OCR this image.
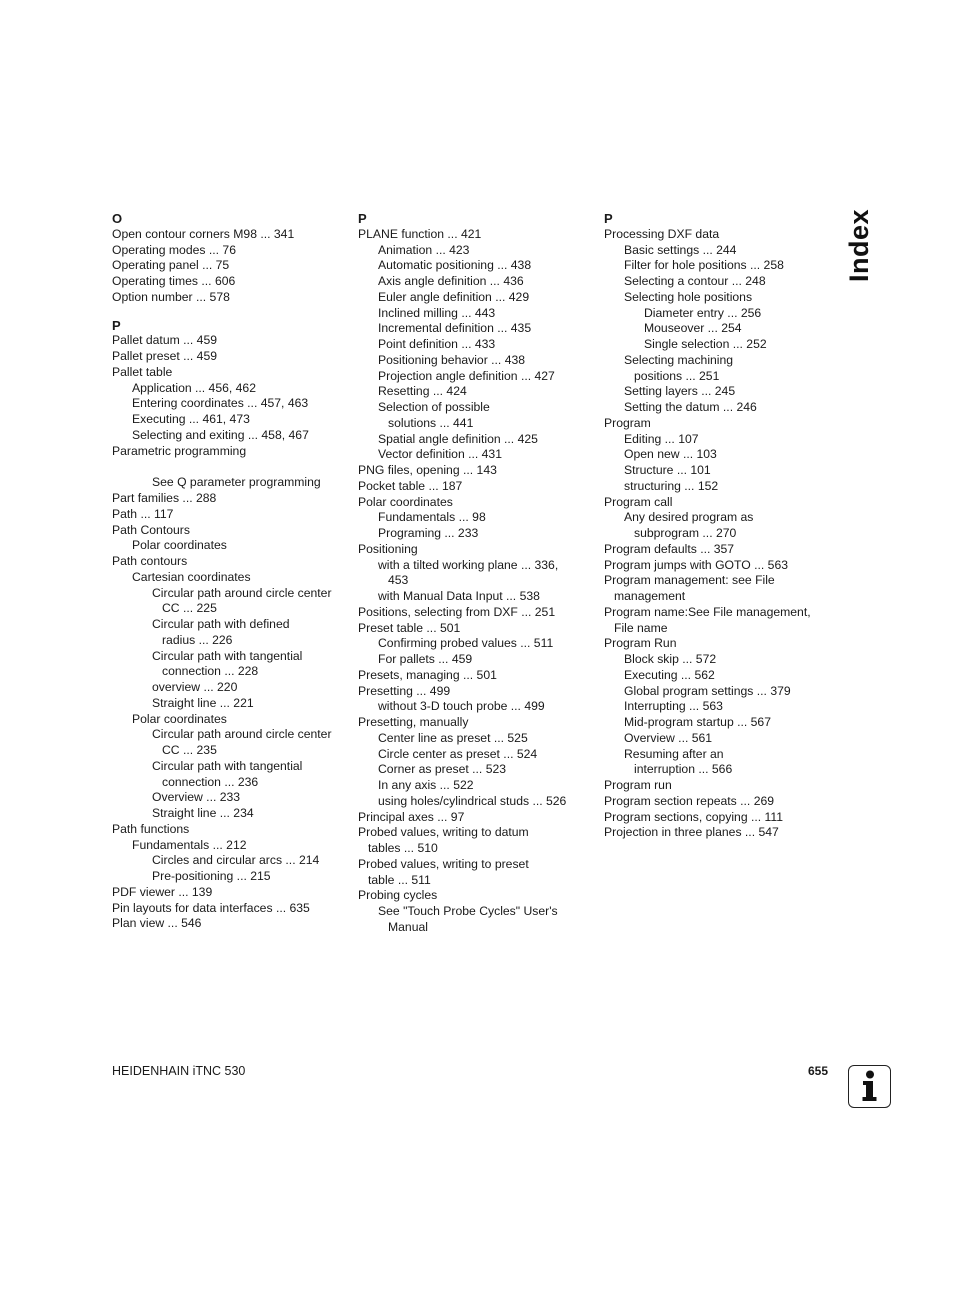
O
Open contour corners M98 ... 341
Operating modes ... 76
Operating panel ... 75
Operating times ... 606
Option number ... 578
P
Pallet datum ... 459
Pallet preset ... 459
Pallet table
Application ... 456, 462
Entering coordinates ... 457, 463
Executing ... 461, 473
Selecting and exiting ... 458, 467
Parametric programming
See Q parameter programming
Part families ... 288
Path ... 117
Path Contours
Polar coordinates
Path contours
Cartesian coordinates
Circular path around circle center
CC ... 225
Circular path with defined
radius ... 226
Circular path with tangential
connection ... 228
overview ... 220
Straight line ... 221
Polar coordinates
Circular path around circle center
CC ... 235
Circular path with tangential
connection ... 236
Overview ... 233
Straight line ... 234
Path functions
Fundamentals ... 212
Circles and circular arcs ... 214
Pre-positioning ... 215
PDF viewer ... 139
Pin layouts for data interfaces ... 635
Plan view ... 546
P
PLANE function ... 421
Animation ... 423
Automatic positioning ... 438
Axis angle definition ... 436
Euler angle definition ... 429
Inclined milling ... 443
Incremental definition ... 435
Point definition ... 433
Positioning behavior ... 438
Projection angle definition ... 427
Resetting ... 424
Selection of possible
solutions ... 441
Spatial angle definition ... 425
Vector definition ... 431
PNG files, opening ... 143
Pocket table ... 187
Polar coordinates
Fundamentals ... 98
Programing ... 233
Positioning
with a tilted working plane ... 336,
453
with Manual Data Input ... 538
Positions, selecting from DXF ... 251
Preset table ... 501
Confirming probed values ... 511
For pallets ... 459
Presets, managing ... 501
Presetting ... 499
without 3-D touch probe ... 499
Presetting, manually
Center line as preset ... 525
Circle center as preset ... 524
Corner as preset ... 523
In any axis ... 522
using holes/cylindrical studs ... 526
Principal axes ... 97
Probed values, writing to datum
tables ... 510
Probed values, writing to preset
table ... 511
Probing cycles
See "Touch Probe Cycles" User's
Manual
P
Processing DXF data
Basic settings ... 244
Filter for hole positions ... 258
Selecting a contour ... 248
Selecting hole positions
Diameter entry ... 256
Mouseover ... 254
Single selection ... 252
Selecting machining
positions ... 251
Setting layers ... 245
Setting the datum ... 246
Program
Editing ... 107
Open new ... 103
Structure ... 101
structuring ... 152
Program call
Any desired program as
subprogram ... 270
Program defaults ... 357
Program jumps with GOTO ... 563
Program management: see File
management
Program name:See File management,
File name
Program Run
Block skip ... 572
Executing ... 562
Global program settings ... 379
Interrupting ... 563
Mid-program startup ... 567
Overview ... 561
Resuming after an
interruption ... 566
Program run
Program section repeats ... 269
Program sections, copying ... 111
Projection in three planes ... 547
Index
HEIDENHAIN iTNC 530	655
